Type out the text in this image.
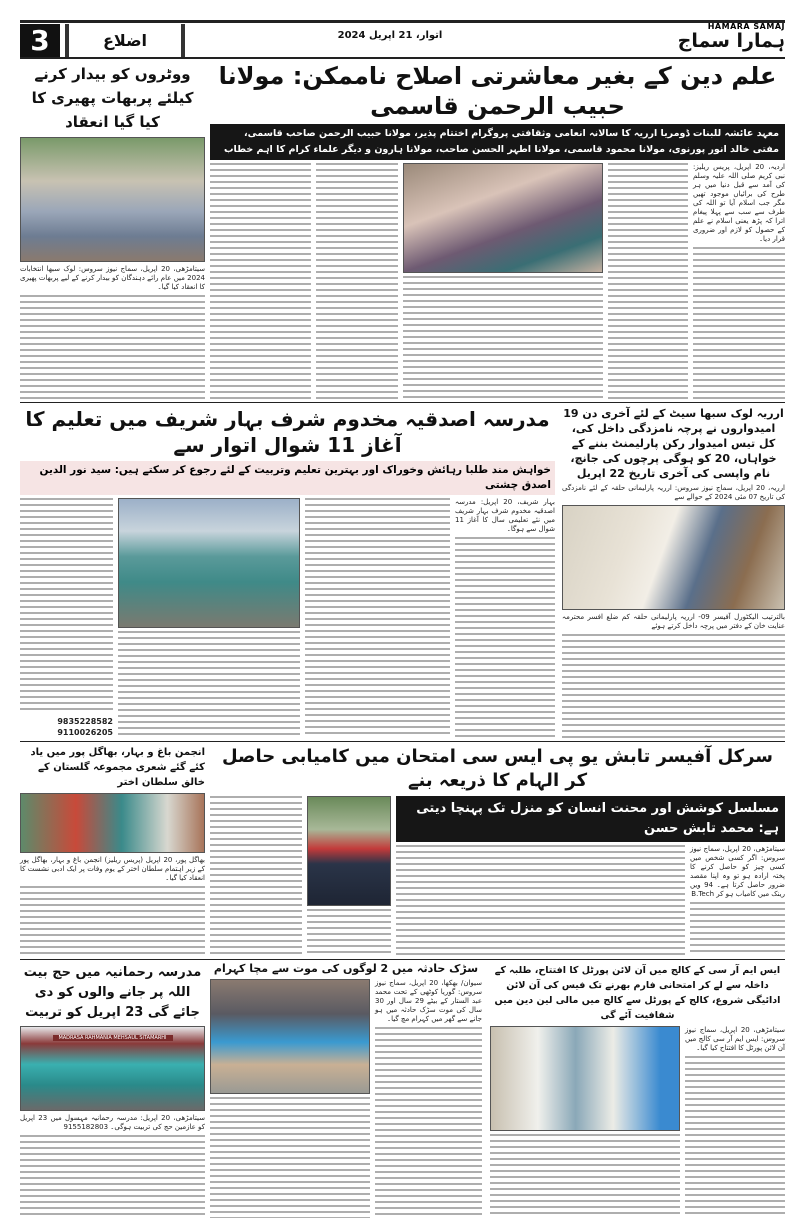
3	اضلاع	اتوار، 21 اپریل 2024
HAMARA SAMAJ
ہمارا سماج
علم دین کے بغیر معاشرتی اصلاح ناممکن: مولانا حبیب الرحمن قاسمی
معہد عائشہ للبنات ڈومریا ارریہ کا سالانہ انعامی وثقافتی پروگرام اختتام پذیر، مولانا حبیب الرحمن صاحب قاسمی، مفتی خالد انور پورنوی، مولانا محمود قاسمی، مولانا اطہر الحسن صاحب، مولانا ہارون و دیگر علماء کرام کا اہم خطاب
اردیہ، 20 اپریل، پریس ریلیز: نبی کریم صلی اللہ علیہ وسلم کی آمد سے قبل دنیا میں ہر طرح کی برائیاں موجود تھیں مگر جب اسلام آیا تو اللہ کی طرف سے سب سے پہلا پیغام اترا کہ پڑھ یعنی اسلام نے علم کے حصول کو لازم اور ضروری قرار دیا۔
ووٹروں کو بیدار کرنے کیلئے پربھات پھیری کا کیا گیا انعقاد
سیتامڑھی، 20 اپریل، سماج نیوز سروس: لوک سبھا انتخابات 2024 میں عام رائے دہندگان کو بیدار کرنے کے لیے پربھات پھیری کا انعقاد کیا گیا۔
ارریہ لوک سبھا سیٹ کے لئے آخری دن 19 امیدواروں نے پرچہ نامزدگی داخل کی، کل تیس امیدوار رکن پارلیمنٹ بننے کے خواہاں، 20 کو ہوگی پرچوں کی جانچ، نام واپسی کی آخری تاریخ 22 اپریل
ارریہ، 20 اپریل، سماج نیوز سروس: ارریہ پارلیمانی حلقہ کے لئے نامزدگی کی تاریخ 07 مئی 2024 کے حوالے سے
بالترتیب الیکٹورل آفیسر 09- ارریہ پارلیمانی حلقہ کم ضلع افسر محترمہ عنایت خان کے دفتر میں پرچہ داخل کرتے ہوئے
مدرسہ اصدقیہ مخدوم شرف بہار شریف میں تعلیم کا آغاز 11 شوال اتوار سے
خواہش مند طلبا رہائش وخوراک اور بہترین تعلیم وتربیت کے لئے رجوع کر سکتے ہیں: سید نور الدین اصدق چشتی
بہار شریف، 20 اپریل: مدرسہ اصدقیہ مخدوم شرف بہار شریف میں نئے تعلیمی سال کا آغاز 11 شوال سے ہوگا۔
9835228582 9110026205
سرکل آفیسر تابش یو پی ایس سی امتحان میں کامیابی حاصل کر الہام کا ذریعہ بنے
مسلسل کوشش اور محنت انسان کو منزل تک پہنچا دیتی ہے: محمد تابش حسن
سیتامڑھی، 20 اپریل، سماج نیوز سروس: اگر کسی شخص میں کسی چیز کو حاصل کرنے کا پختہ ارادہ ہو تو وہ اپنا مقصد ضرور حاصل کرتا ہے۔ 94 ویں رینک میں کامیاب ہو کر B.Tech
انجمن باغ و بہار، بھاگل پور میں یاد کئے گئے شعری مجموعہ گلستان کے خالق سلطان اختر
بھاگل پور، 20 اپریل (پریس ریلیز) انجمن باغ و بہار، بھاگل پور کے زیر اہتمام سلطان اختر کے یوم وفات پر ایک ادبی نشست کا انعقاد کیا گیا۔
مدرسہ رحمانیہ میں حج بیت اللہ پر جانے والوں کو دی جائے گی 23 اپریل کو تربیت
MADRASA RAHMANIA MEHSAUL SITAMARHI
سیتامڑھی، 20 اپریل: مدرسہ رحمانیہ مہسول میں 23 اپریل کو عازمین حج کی تربیت ہوگی۔ 9155182803
سڑک حادثہ میں 2 لوگوں کی موت سے مچا کہرام
سیوان/ بھکھا، 20 اپریل، سماج نیوز سروس: گوریا کوٹھی کے تحت محمد عبد الستار کے بیٹے 29 سال اور 30 سال کی موت سڑک حادثہ میں ہو جانے سے گھر میں کہرام مچ گیا۔
ایس ایم آر سی کے کالج میں آن لائن پورٹل کا افتتاح، طلبہ کے داخلہ سے لے کر امتحانی فارم بھرنے تک فیس کی آن لائن ادائیگی شروع، کالج کے پورٹل سے کالج میں مالی لین دین میں شفافیت آئے گی
سیتامڑھی، 20 اپریل، سماج نیوز سروس: ایس ایم آر سی کالج میں آن لائن پورٹل کا افتتاح کیا گیا۔
